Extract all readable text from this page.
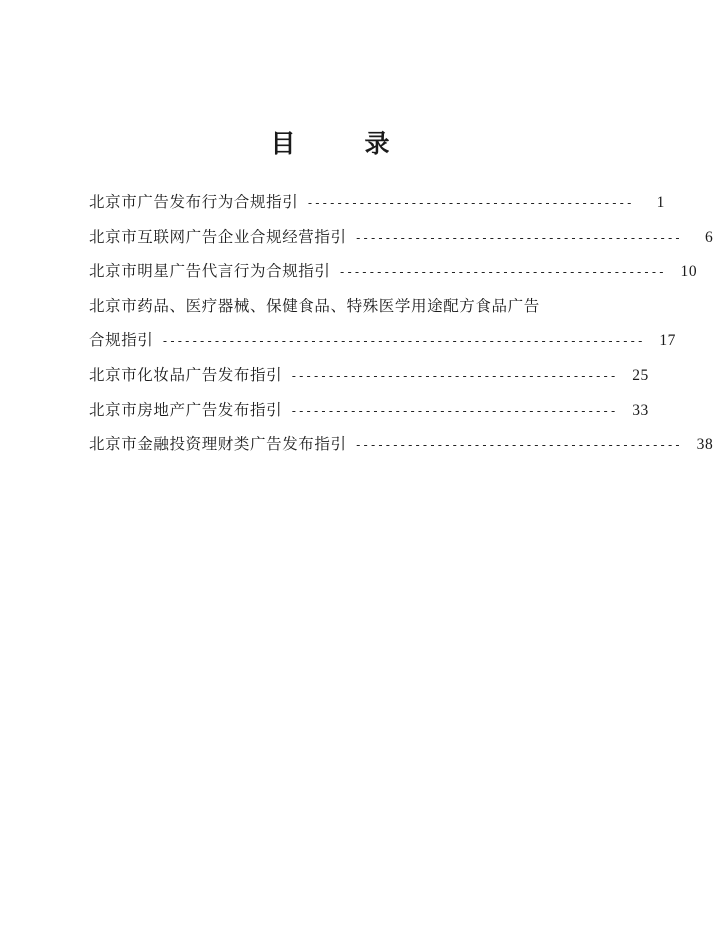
目　录
北京市广告发布行为合规指引 --------------------------------------------	1
北京市互联网广告企业合规经营指引 --------------------------------------------	6
北京市明星广告代言行为合规指引 -------------------------------------------- 10
北京市药品、医疗器械、保健食品、特殊医学用途配方食品广告
合规指引 ----------------------------------------------------------------- 17
北京市化妆品广告发布指引 -------------------------------------------- 25
北京市房地产广告发布指引 -------------------------------------------- 33
北京市金融投资理财类广告发布指引 -------------------------------------------- 38
